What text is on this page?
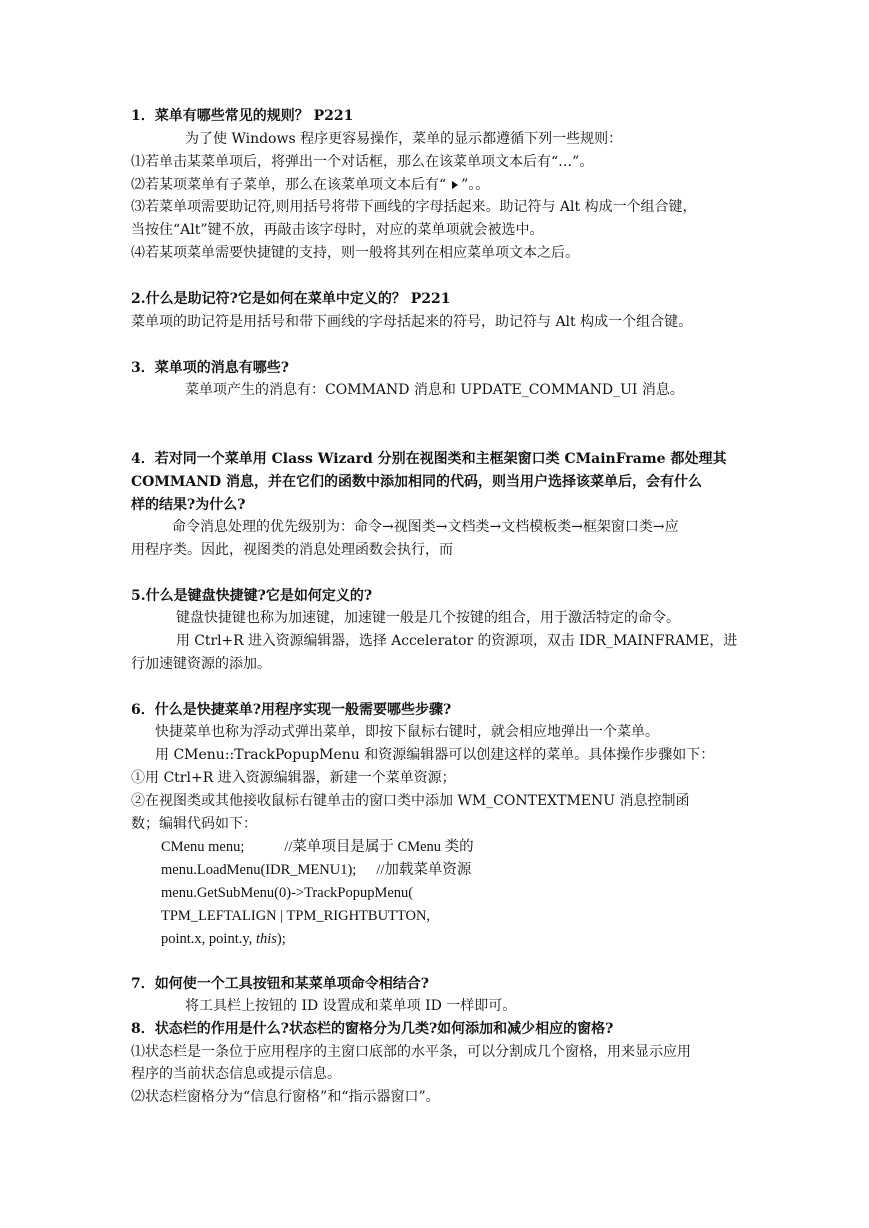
1．菜单有哪些常见的规则？ P221
为了使 Windows 程序更容易操作，菜单的显示都遵循下列一些规则：
⑴若单击某菜单项后，将弹出一个对话框，那么在该菜单项文本后有“…”。
⑵若某项菜单有子菜单，那么在该菜单项文本后有“ ”。。
⑶若菜单项需要助记符,则用括号将带下画线的字母括起来。助记符与 Alt 构成一个组合键，
当按住“Alt”键不放，再敲击该字母时，对应的菜单项就会被选中。
⑷若某项菜单需要快捷键的支持，则一般将其列在相应菜单项文本之后。
2.什么是助记符?它是如何在菜单中定义的？ P221
菜单项的助记符是用括号和带下画线的字母括起来的符号，助记符与 Alt 构成一个组合键。
3．菜单项的消息有哪些?
菜单项产生的消息有：COMMAND 消息和 UPDATE_COMMAND_UI 消息。
4．若对同一个菜单用 Class Wizard 分别在视图类和主框架窗口类 CMainFrame 都处理其
COMMAND 消息，并在它们的函数中添加相同的代码，则当用户选择该菜单后，会有什么
样的结果?为什么?
命令消息处理的优先级别为：命令→视图类→文档类→文档模板类→框架窗口类→应
用程序类。因此，视图类的消息处理函数会执行，而
5.什么是键盘快捷键?它是如何定义的?
键盘快捷键也称为加速键，加速键一般是几个按键的组合，用于激活特定的命令。
用 Ctrl+R 进入资源编辑器，选择 Accelerator 的资源项，双击 IDR_MAINFRAME，进
行加速键资源的添加。
6．什么是快捷菜单?用程序实现一般需要哪些步骤?
快捷菜单也称为浮动式弹出菜单，即按下鼠标右键时，就会相应地弹出一个菜单。
用 CMenu::TrackPopupMenu 和资源编辑器可以创建这样的菜单。具体操作步骤如下：
①用 Ctrl+R 进入资源编辑器，新建一个菜单资源；
②在视图类或其他接收鼠标右键单击的窗口类中添加 WM_CONTEXTMENU 消息控制函
数；编辑代码如下：
CMenu menu;	//菜单项目是属于 CMenu 类的
menu.LoadMenu(IDR_MENU1); //加载菜单资源
menu.GetSubMenu(0)->TrackPopupMenu(
TPM_LEFTALIGN | TPM_RIGHTBUTTON,
point.x, point.y, this);
7．如何使一个工具按钮和某菜单项命令相结合?
将工具栏上按钮的 ID 设置成和菜单项 ID 一样即可。
8．状态栏的作用是什么?状态栏的窗格分为几类?如何添加和减少相应的窗格?
⑴状态栏是一条位于应用程序的主窗口底部的水平条，可以分割成几个窗格，用来显示应用
程序的当前状态信息或提示信息。
⑵状态栏窗格分为“信息行窗格”和“指示器窗口”。
